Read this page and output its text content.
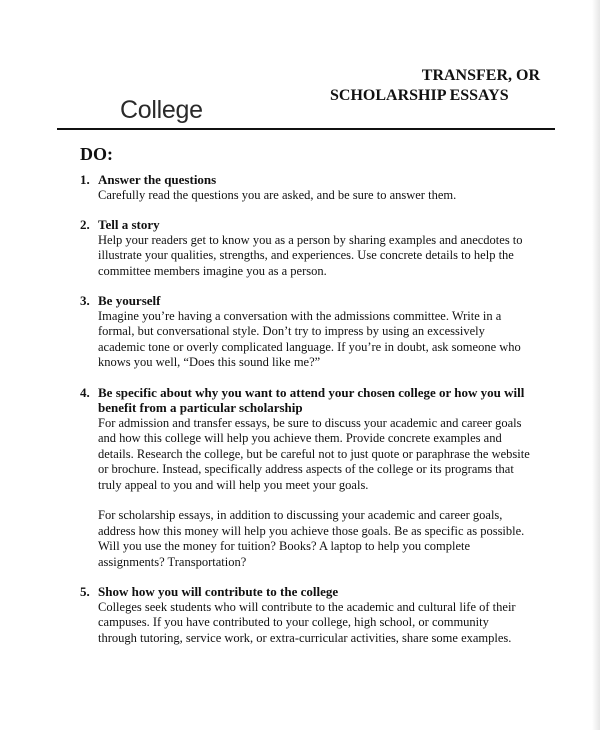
TRANSFER, OR
SCHOLARSHIP ESSAYS
College
DO:
1. Answer the questions

Carefully read the questions you are asked, and be sure to answer them.

2. Tell a story

Help your readers get to know you as a person by sharing examples and anecdotes to illustrate your qualities, strengths, and experiences. Use concrete details to help the committee members imagine you as a person.

3. Be yourself

Imagine you’re having a conversation with the admissions committee. Write in a formal, but conversational style. Don’t try to impress by using an excessively academic tone or overly complicated language. If you’re in doubt, ask someone who knows you well, “Does this sound like me?”

4. Be specific about why you want to attend your chosen college or how you will benefit from a particular scholarship

For admission and transfer essays, be sure to discuss your academic and career goals and how this college will help you achieve them. Provide concrete examples and details. Research the college, but be careful not to just quote or paraphrase the website or brochure. Instead, specifically address aspects of the college or its programs that truly appeal to you and will help you meet your goals.

For scholarship essays, in addition to discussing your academic and career goals, address how this money will help you achieve those goals. Be as specific as possible. Will you use the money for tuition? Books? A laptop to help you complete assignments? Transportation?

5. Show how you will contribute to the college

Colleges seek students who will contribute to the academic and cultural life of their campuses. If you have contributed to your college, high school, or community through tutoring, service work, or extra-curricular activities, share some examples.
